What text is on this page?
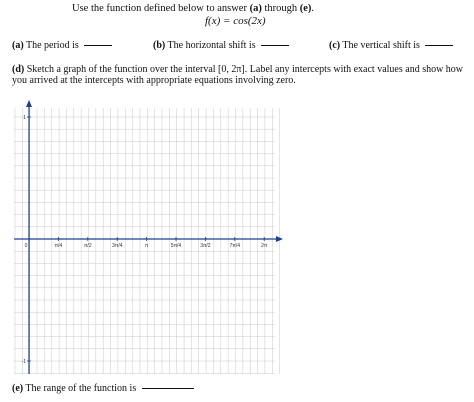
Use the function defined below to answer (a) through (e).
f(x) = cos(2x)
(a) The period is	(b) The horizontal shift is	(c) The vertical shift is
(d) Sketch a graph of the function over the interval [0, 2π]. Label any intercepts with exact values and show how you arrived at the intercepts with appropriate equations involving zero.
0	π/4	π/2	3π/4	π	5π/4	3π/2	7π/4	2π
1
-1
(e) The range of the function is
